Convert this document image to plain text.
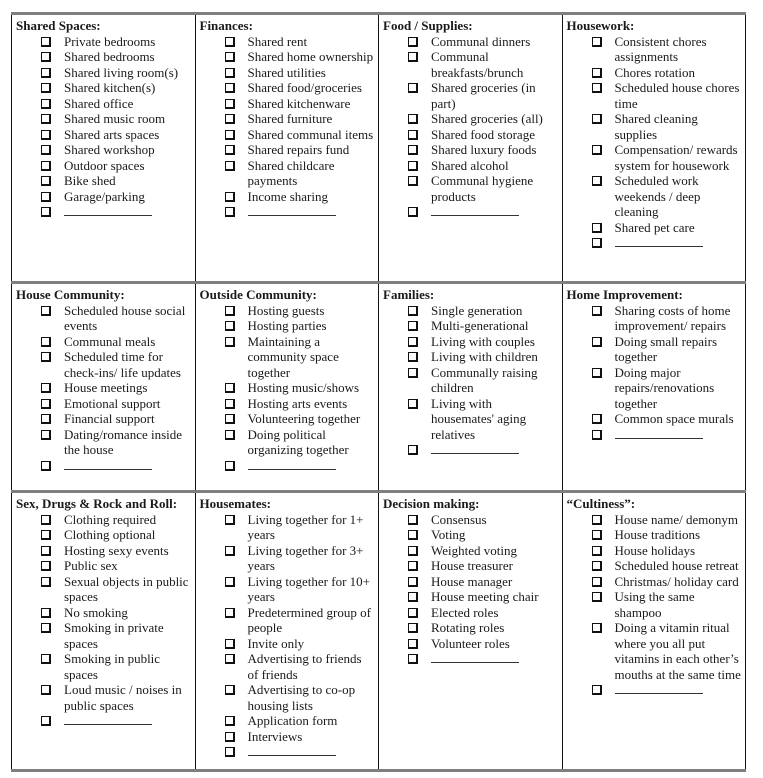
Shared Spaces:

Private bedrooms
Shared bedrooms
Shared living room(s)
Shared kitchen(s)
Shared office
Shared music room
Shared arts spaces
Shared workshop
Outdoor spaces
Bike shed
Garage/parking

Finances:

Shared rent
Shared home ownership
Shared utilities
Shared food/groceries
Shared kitchenware
Shared furniture
Shared communal items
Shared repairs fund
Shared childcare payments
Income sharing

Food / Supplies:

Communal dinners
Communal breakfasts/brunch
Shared groceries (in part)
Shared groceries (all)
Shared food storage
Shared luxury foods
Shared alcohol
Communal hygiene products

Housework:

Consistent chores assignments
Chores rotation
Scheduled house chores time
Shared cleaning supplies
Compensation/ rewards system for housework
Scheduled work weekends / deep cleaning
Shared pet care

House Community:

Scheduled house social events
Communal meals
Scheduled time for check-ins/ life updates
House meetings
Emotional support
Financial support
Dating/romance inside the house

Outside Community:

Hosting guests
Hosting parties
Maintaining a community space together
Hosting music/shows
Hosting arts events
Volunteering together
Doing political organizing together

Families:

Single generation
Multi-generational
Living with couples
Living with children
Communally raising children
Living with housemates' aging relatives

Home Improvement:

Sharing costs of home improvement/ repairs
Doing small repairs together
Doing major repairs/renovations together
Common space murals

Sex, Drugs & Rock and Roll:

Clothing required
Clothing optional
Hosting sexy events
Public sex
Sexual objects in public spaces
No smoking
Smoking in private spaces
Smoking in public spaces
Loud music / noises in public spaces

Housemates:

Living together for 1+ years
Living together for 3+ years
Living together for 10+ years
Predetermined group of people
Invite only
Advertising to friends of friends
Advertising to co-op housing lists
Application form
Interviews

Decision making:

Consensus
Voting
Weighted voting
House treasurer
House manager
House meeting chair
Elected roles
Rotating roles
Volunteer roles

“Cultiness”:

House name/ demonym
House traditions
House holidays
Scheduled house retreat
Christmas/ holiday card
Using the same shampoo
Doing a vitamin ritual where you all put vitamins in each other’s mouths at the same time
